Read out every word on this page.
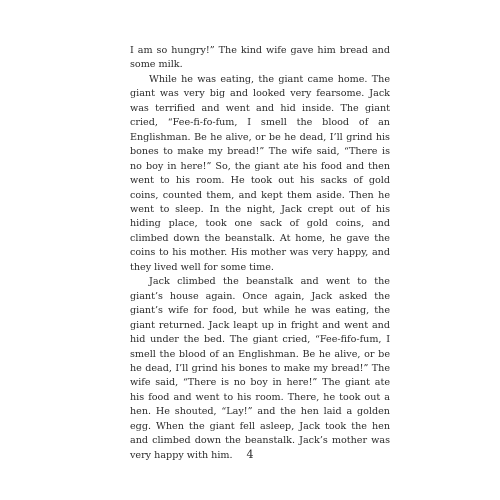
I am so hungry!” The kind wife gave him bread and some milk.

While he was eating, the giant came home. The giant was very big and looked very fearsome. Jack was terrified and went and hid inside. The giant cried, “Fee-fi-fo-fum, I smell the blood of an Englishman. Be he alive, or be he dead, I’ll grind his bones to make my bread!” The wife said, “There is no boy in here!” So, the giant ate his food and then went to his room. He took out his sacks of gold coins, counted them, and kept them aside. Then he went to sleep. In the night, Jack crept out of his hiding place, took one sack of gold coins, and climbed down the beanstalk. At home, he gave the coins to his mother. His mother was very happy, and they lived well for some time.

Jack climbed the beanstalk and went to the giant’s house again. Once again, Jack asked the giant’s wife for food, but while he was eating, the giant returned. Jack leapt up in fright and went and hid under the bed. The giant cried, “Fee-fifo-fum, I smell the blood of an Englishman. Be he alive, or be he dead, I’ll grind his bones to make my bread!” The wife said, “There is no boy in here!” The giant ate his food and went to his room. There, he took out a hen. He shouted, “Lay!” and the hen laid a golden egg. When the giant fell asleep, Jack took the hen and climbed down the beanstalk. Jack’s mother was very happy with him.	4
